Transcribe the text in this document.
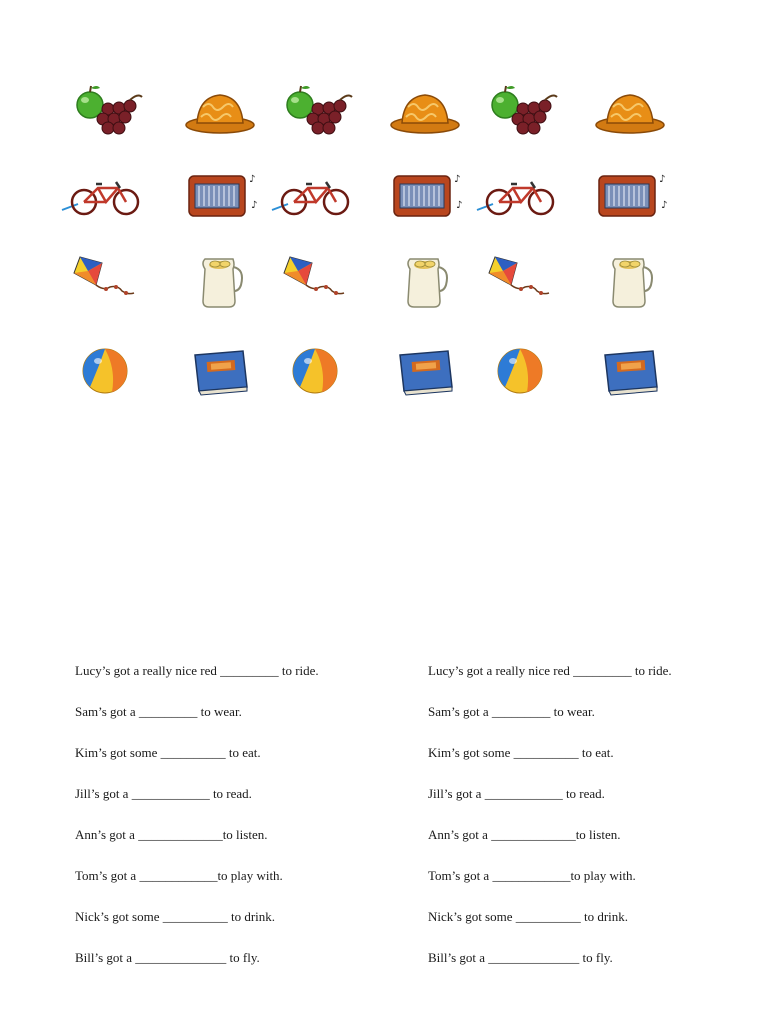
Lucy’s got a really nice red _________ to ride.

Sam’s got a _________ to wear.

Kim’s got some __________ to eat.

Jill’s got a ____________ to read.

Ann’s got a _____________to listen.

Tom’s got a ____________to play with.

Nick’s got some __________ to drink.

Bill’s got a ______________ to fly.

Lucy’s got a really nice red _________ to ride.

Sam’s got a _________ to wear.

Kim’s got some __________ to eat.

Jill’s got a ____________ to read.

Ann’s got a _____________to listen.

Tom’s got a ____________to play with.

Nick’s got some __________ to drink.

Bill’s got a ______________ to fly.
